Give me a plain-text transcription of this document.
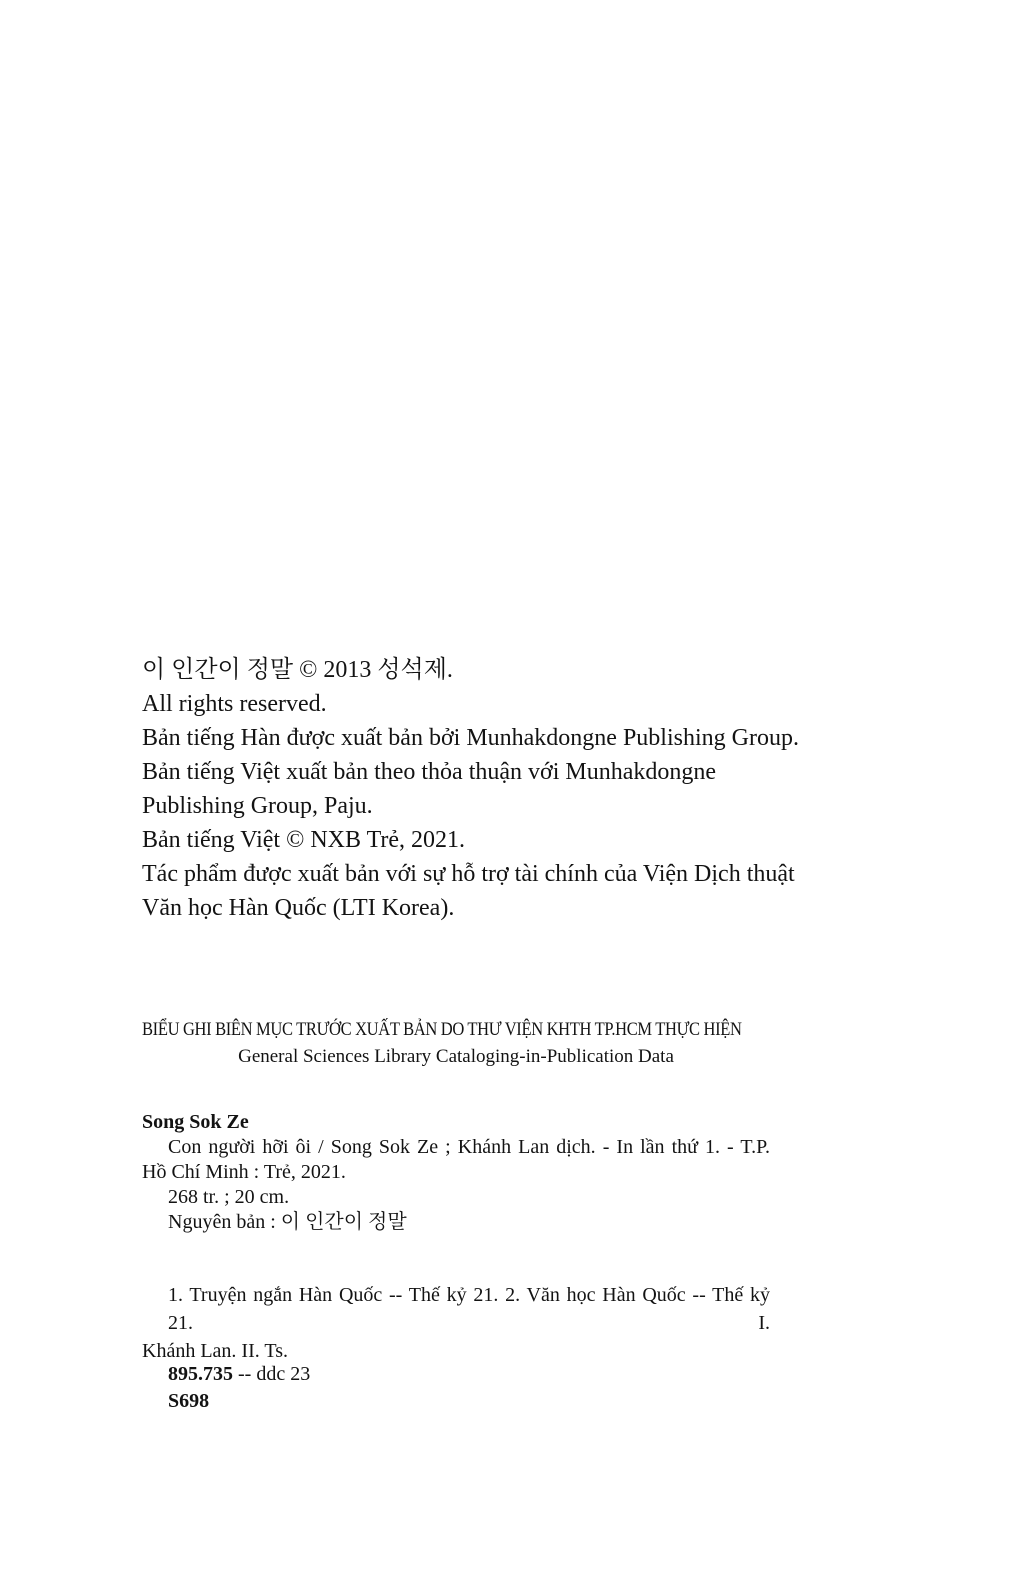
이 인간이 정말 © 2013 성석제.
All rights reserved.
Bản tiếng Hàn được xuất bản bởi Munhakdongne Publishing Group.
Bản tiếng Việt xuất bản theo thỏa thuận với Munhakdongne
Publishing Group, Paju.
Bản tiếng Việt © NXB Trẻ, 2021.
Tác phẩm được xuất bản với sự hỗ trợ tài chính của Viện Dịch thuật
Văn học Hàn Quốc (LTI Korea).
BIỂU GHI BIÊN MỤC TRƯỚC XUẤT BẢN DO THƯ VIỆN KHTH TP.HCM THỰC HIỆN
General Sciences Library Cataloging-in-Publication Data
Song Sok Ze
Con người hỡi ôi / Song Sok Ze ; Khánh Lan dịch. - In lần thứ 1. - T.P.
Hồ Chí Minh : Trẻ, 2021.
268 tr. ; 20 cm.
Nguyên bản : 이 인간이 정말
1. Truyện ngắn Hàn Quốc -- Thế kỷ 21. 2. Văn học Hàn Quốc -- Thế kỷ 21. I.
Khánh Lan. II. Ts.
895.735 -- ddc 23
S698
